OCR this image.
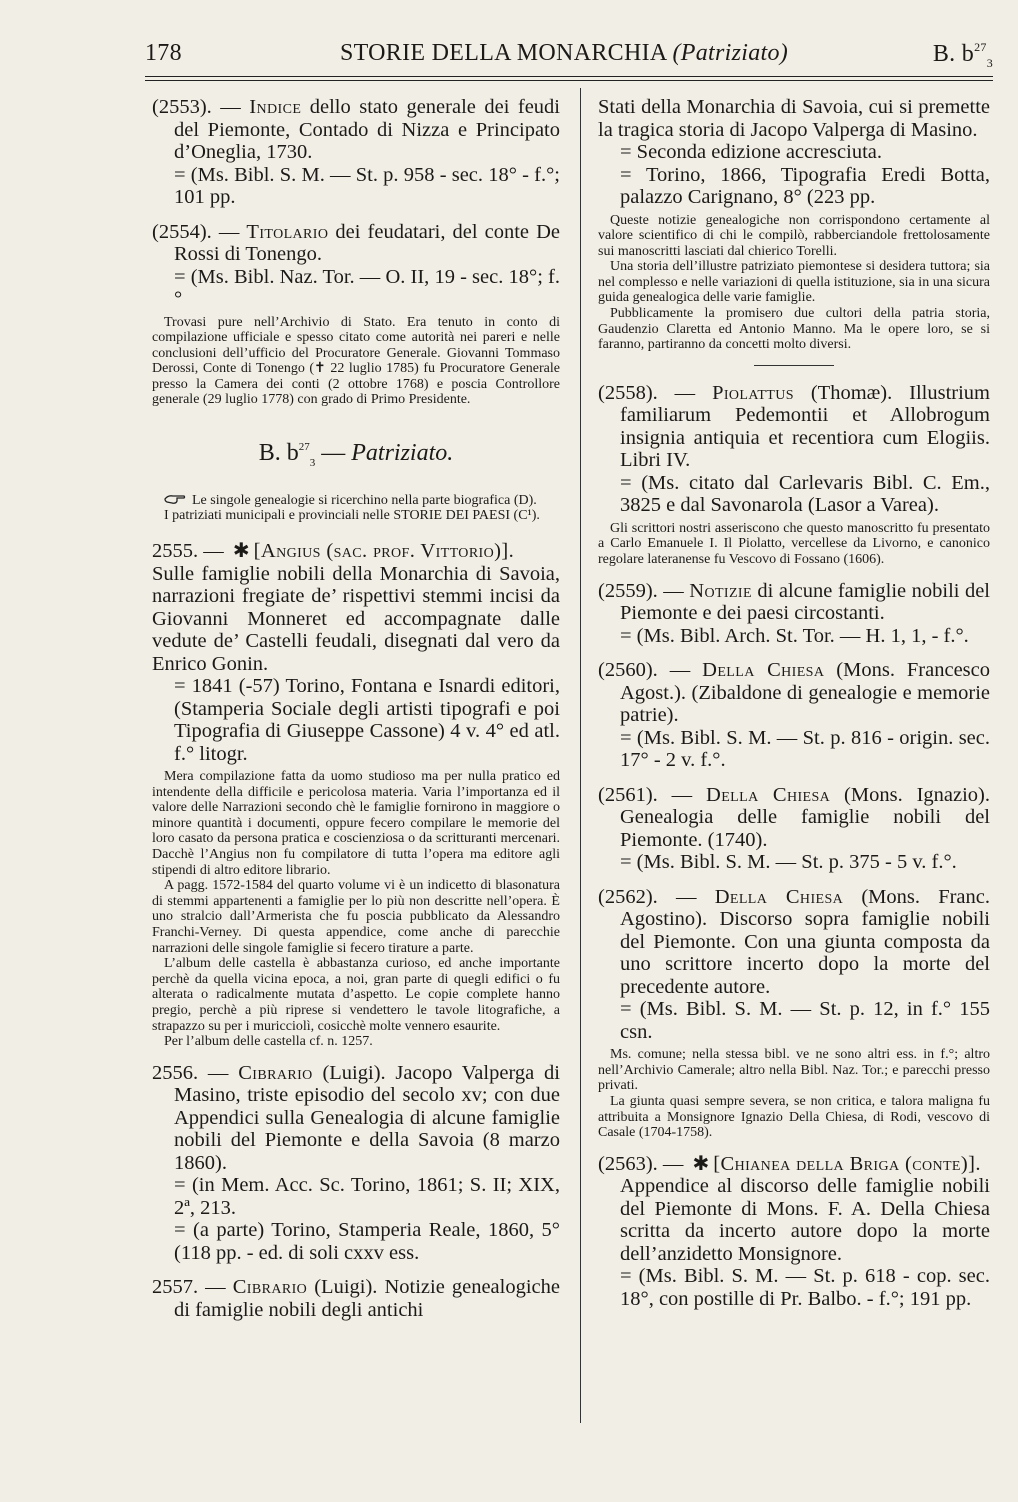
178	STORIE DELLA MONARCHIA (Patriziato)	B. $b^{27}_3$

(2553). — Indice dello stato generale dei feudi del Piemonte, Contado di Nizza e Principato d’Oneglia, 1730.

= (Ms. Bibl. S. M. — St. p. 958 - sec. 18° - f.°; 101 pp.

(2554). — Titolario dei feudatari, del conte De Rossi di Tonengo.

= (Ms. Bibl. Naz. Tor. — O. II, 19 - sec. 18°; f.°

Trovasi pure nell’Archivio di Stato. Era tenuto in conto di compilazione ufficiale e spesso citato come autorità nei pareri e nelle conclusioni dell’ufficio del Procuratore Generale. Giovanni Tommaso Derossi, Conte di Tonengo (✝ 22 luglio 1785) fu Procuratore Generale presso la Camera dei conti (2 ottobre 1768) e poscia Controllore generale (29 luglio 1778) con grado di Primo Presidente.

B. $b^{27}_3$ — Patriziato.

Le singole genealogie si ricerchino nella parte biografica (D).

I patriziati municipali e provinciali nelle STORIE DEI PAESI (C¹).

2555. — ✱ [Angius (sac. prof. Vittorio)].

Sulle famiglie nobili della Monarchia di Savoia, narrazioni fregiate de’ rispettivi stemmi incisi da Giovanni Monneret ed accompagnate dalle vedute de’ Castelli feudali, disegnati dal vero da Enrico Gonin.

= 1841 (-57) Torino, Fontana e Isnardi editori, (Stamperia Sociale degli artisti tipografi e poi Tipografia di Giuseppe Cassone) 4 v. 4° ed atl. f.° litogr.

Mera compilazione fatta da uomo studioso ma per nulla pratico ed intendente della difficile e pericolosa materia. Varia l’importanza ed il valore delle Narrazioni secondo chè le famiglie fornirono in maggiore o minore quantità i documenti, oppure fecero compilare le memorie del loro casato da persona pratica e coscienziosa o da scritturanti mercenari. Dacchè l’Angius non fu compilatore di tutta l’opera ma editore agli stipendi di altro editore librario.

A pagg. 1572-1584 del quarto volume vi è un indicetto di blasonatura di stemmi appartenenti a famiglie per lo più non descritte nell’opera. È uno stralcio dall’Armerista che fu poscia pubblicato da Alessandro Franchi-Verney. Di questa appendice, come anche di parecchie narrazioni delle singole famiglie si fecero tirature a parte.

L’album delle castella è abbastanza curioso, ed anche importante perchè da quella vicina epoca, a noi, gran parte di quegli edifici o fu alterata o radicalmente mutata d’aspetto. Le copie complete hanno pregio, perchè a più riprese si vendettero le tavole litografiche, a strapazzo su per i muricciolì, cosicchè molte vennero esaurite.

Per l’album delle castella cf. n. 1257.

2556. — Cibrario (Luigi). Jacopo Valperga di Masino, triste episodio del secolo xv; con due Appendici sulla Genealogia di alcune famiglie nobili del Piemonte e della Savoia (8 marzo 1860).

= (in Mem. Acc. Sc. Torino, 1861; S. II; XIX, 2ª, 213.

= (a parte) Torino, Stamperia Reale, 1860, 5° (118 pp. - ed. di soli cxxv ess.

2557. — Cibrario (Luigi). Notizie genealogiche di famiglie nobili degli antichi

Stati della Monarchia di Savoia, cui si premette la tragica storia di Jacopo Valperga di Masino.

= Seconda edizione accresciuta.

= Torino, 1866, Tipografia Eredi Botta, palazzo Carignano, 8° (223 pp.

Queste notizie genealogiche non corrispondono certamente al valore scientifico di chi le compilò, rabberciandole frettolosamente sui manoscritti lasciati dal chierico Torelli.

Una storia dell’illustre patriziato piemontese si desidera tuttora; sia nel complesso e nelle variazioni di quella istituzione, sia in una sicura guida genealogica delle varie famiglie.

Pubblicamente la promisero due cultori della patria storia, Gaudenzio Claretta ed Antonio Manno. Ma le opere loro, se si faranno, partiranno da concetti molto diversi.

(2558). — Piolattus (Thomæ). Illustrium familiarum Pedemontii et Allobrogum insignia antiquia et recentiora cum Elogiis. Libri IV.

= (Ms. citato dal Carlevaris Bibl. C. Em., 3825 e dal Savonarola (Lasor a Varea).

Gli scrittori nostri asseriscono che questo manoscritto fu presentato a Carlo Emanuele I. Il Piolatto, vercellese da Livorno, e canonico regolare lateranense fu Vescovo di Fossano (1606).

(2559). — Notizie di alcune famiglie nobili del Piemonte e dei paesi circostanti.

= (Ms. Bibl. Arch. St. Tor. — H. 1, 1, - f.°.

(2560). — Della Chiesa (Mons. Francesco Agost.). (Zibaldone di genealogie e memorie patrie).

= (Ms. Bibl. S. M. — St. p. 816 - origin. sec. 17° - 2 v. f.°.

(2561). — Della Chiesa (Mons. Ignazio). Genealogia delle famiglie nobili del Piemonte. (1740).

= (Ms. Bibl. S. M. — St. p. 375 - 5 v. f.°.

(2562). — Della Chiesa (Mons. Franc. Agostino). Discorso sopra famiglie nobili del Piemonte. Con una giunta composta da uno scrittore incerto dopo la morte del precedente autore.

= (Ms. Bibl. S. M. — St. p. 12, in f.° 155 csn.

Ms. comune; nella stessa bibl. ve ne sono altri ess. in f.°; altro nell’Archivio Camerale; altro nella Bibl. Naz. Tor.; e parecchi presso privati.

La giunta quasi sempre severa, se non critica, e talora maligna fu attribuita a Monsignore Ignazio Della Chiesa, di Rodi, vescovo di Casale (1704-1758).

(2563). — ✱ [Chianea della Briga (conte)].

Appendice al discorso delle famiglie nobili del Piemonte di Mons. F. A. Della Chiesa scritta da incerto autore dopo la morte dell’anzidetto Monsignore.

= (Ms. Bibl. S. M. — St. p. 618 - cop. sec. 18°, con postille di Pr. Balbo. - f.°; 191 pp.
